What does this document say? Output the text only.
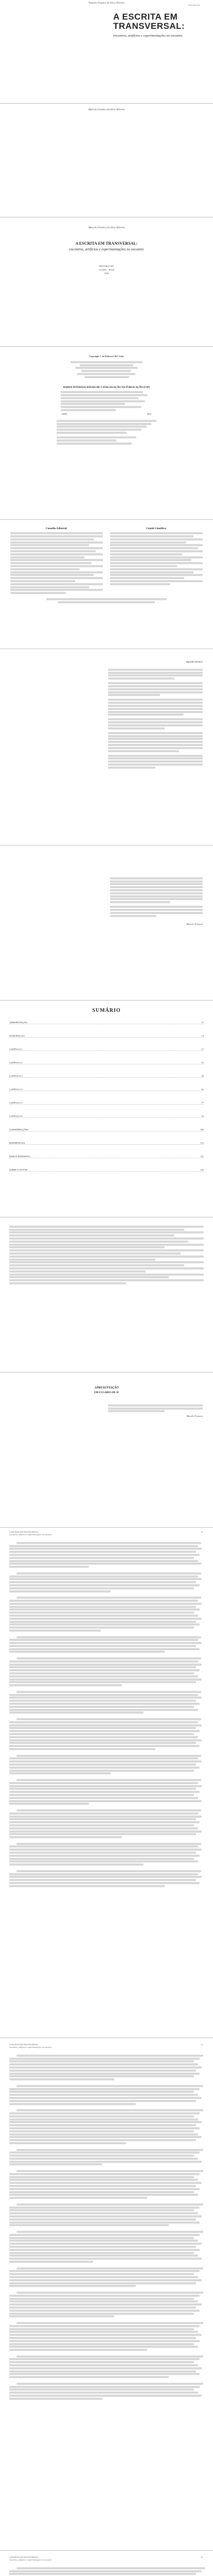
Marcelo Fonseca da Silva Oliveira
EDITORA CRV
A ESCRITA EM TRANSVERSAL:
encontros, artifícios e experimentações no encontro
Marcelo Fonseca da Silva Oliveira
Marcelo Fonseca da Silva Oliveira
A ESCRITA EM TRANSVERSAL:
encontros, artifícios e experimentações no encontro
EDITORA CRV
Curitiba – Brasil
2020
Copyright © da Editora CRV Ltda.
DADOS INTERNACIONAIS DE CATALOGAÇÃO NA PUBLICAÇÃO (CIP)
ISBN	DOI
Conselho Editorial:	Comitê Científico:
Agradecimentos
Marcelo Fonseca
SUMÁRIO
APRESENTAÇÃO	11
INTRODUÇÃO	13
CAPÍTULO 1	17
CAPÍTULO 2	31
CAPÍTULO 3	45
CAPÍTULO 4	61
CAPÍTULO 5	77
CAPÍTULO 6	93
CONSIDERAÇÕES	109
REFERÊNCIAS	115
ÍNDICE REMISSIVO	121
SOBRE O AUTOR	125
APRESENTAÇÃO
EM LUGARES DE SI
Marcelo Fonseca
A ESCRITA EM TRANSVERSAL:
encontros, artifícios e experimentações no encontro
13
A ESCRITA EM TRANSVERSAL:
encontros, artifícios e experimentações no encontro
14
A ESCRITA EM TRANSVERSAL:
encontros, artifícios e experimentações no encontro
15
